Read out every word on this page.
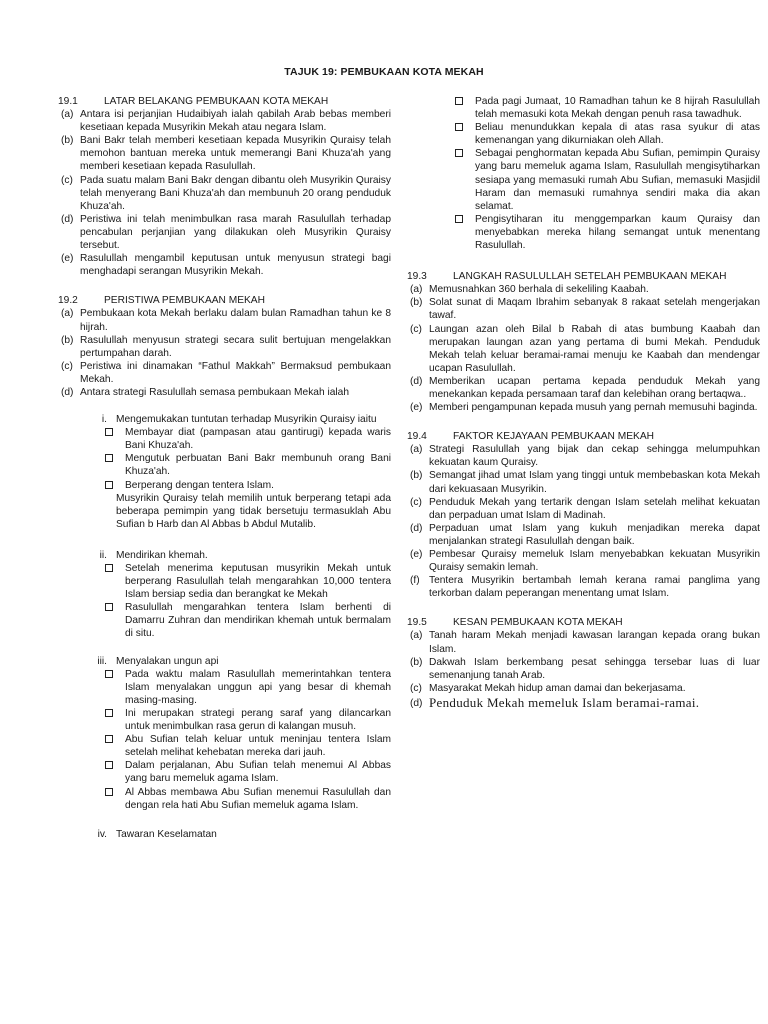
TAJUK 19: PEMBUKAAN KOTA MEKAH
19.1	LATAR BELAKANG PEMBUKAAN KOTA MEKAH
(a) Antara isi perjanjian Hudaibiyah ialah qabilah Arab bebas memberi kesetiaan kepada Musyrikin Mekah atau negara Islam.
(b) Bani Bakr telah memberi kesetiaan kepada Musyrikin Quraisy telah memohon bantuan mereka untuk memerangi Bani Khuza'ah yang memberi kesetiaan kepada Rasulullah.
(c) Pada suatu malam Bani Bakr dengan dibantu oleh Musyrikin Quraisy telah menyerang Bani Khuza'ah dan membunuh 20 orang penduduk Khuza'ah.
(d) Peristiwa ini telah menimbulkan rasa marah Rasulullah terhadap pencabulan perjanjian yang dilakukan oleh Musyrikin Quraisy tersebut.
(e) Rasulullah mengambil keputusan untuk menyusun strategi bagi menghadapi serangan Musyrikin Mekah.
19.2	PERISTIWA PEMBUKAAN MEKAH
(a) Pembukaan kota Mekah berlaku dalam bulan Ramadhan tahun ke 8 hijrah.
(b) Rasulullah menyusun strategi secara sulit bertujuan mengelakkan pertumpahan darah.
(c) Peristiwa ini dinamakan “Fathul Makkah” Bermaksud pembukaan Mekah.
(d) Antara strategi Rasulullah semasa pembukaan Mekah ialah
i. Mengemukakan tuntutan terhadap Musyrikin Quraisy iaitu
Membayar diat (pampasan atau gantirugi) kepada waris Bani Khuza'ah.
Mengutuk perbuatan Bani Bakr membunuh orang Bani Khuza'ah.
Berperang dengan tentera Islam.
Musyrikin Quraisy telah memilih untuk berperang tetapi ada beberapa pemimpin yang tidak bersetuju termasuklah Abu Sufian b Harb dan Al Abbas b Abdul Mutalib.
ii. Mendirikan khemah.
Setelah menerima keputusan musyrikin Mekah untuk berperang Rasulullah telah mengarahkan 10,000 tentera Islam bersiap sedia dan berangkat ke Mekah
Rasulullah mengarahkan tentera Islam berhenti di Damarru Zuhran dan mendirikan khemah untuk bermalam di situ.
iii. Menyalakan ungun api
Pada waktu malam Rasulullah memerintahkan tentera Islam menyalakan unggun api yang besar di khemah masing-masing.
Ini merupakan strategi perang saraf yang dilancarkan untuk menimbulkan rasa gerun di kalangan musuh.
Abu Sufian telah keluar untuk meninjau tentera Islam setelah melihat kehebatan mereka dari jauh.
Dalam perjalanan, Abu Sufian telah menemui Al Abbas yang baru memeluk agama Islam.
Al Abbas membawa Abu Sufian menemui Rasulullah dan dengan rela hati Abu Sufian memeluk agama Islam.
iv. Tawaran Keselamatan
Pada pagi Jumaat, 10 Ramadhan tahun ke 8 hijrah Rasulullah telah memasuki kota Mekah dengan penuh rasa tawadhuk.
Beliau menundukkan kepala di atas rasa syukur di atas kemenangan yang dikurniakan oleh Allah.
Sebagai penghormatan kepada Abu Sufian, pemimpin Quraisy yang baru memeluk agama Islam, Rasulullah mengisytiharkan sesiapa yang memasuki rumah Abu Sufian, memasuki Masjidil Haram dan memasuki rumahnya sendiri maka dia akan selamat.
Pengisytiharan itu menggemparkan kaum Quraisy dan menyebabkan mereka hilang semangat untuk menentang Rasulullah.
19.3	LANGKAH RASULULLAH SETELAH PEMBUKAAN MEKAH
(a) Memusnahkan 360 berhala di sekeliling Kaabah.
(b) Solat sunat di Maqam Ibrahim sebanyak 8 rakaat setelah mengerjakan tawaf.
(c) Laungan azan oleh Bilal b Rabah di atas bumbung Kaabah dan merupakan laungan azan yang pertama di bumi Mekah. Penduduk Mekah telah keluar beramai-ramai menuju ke Kaabah dan mendengar ucapan Rasulullah.
(d) Memberikan ucapan pertama kepada penduduk Mekah yang menekankan kepada persamaan taraf dan kelebihan orang bertaqwa..
(e) Memberi pengampunan kepada musuh yang pernah memusuhi baginda.
19.4	FAKTOR KEJAYAAN PEMBUKAAN MEKAH
(a) Strategi Rasulullah yang bijak dan cekap sehingga melumpuhkan kekuatan kaum Quraisy.
(b) Semangat jihad umat Islam yang tinggi untuk membebaskan kota Mekah dari kekuasaan Musyrikin.
(c) Penduduk Mekah yang tertarik dengan Islam setelah melihat kekuatan dan perpaduan umat Islam di Madinah.
(d) Perpaduan umat Islam yang kukuh menjadikan mereka dapat menjalankan strategi Rasulullah dengan baik.
(e) Pembesar Quraisy memeluk Islam menyebabkan kekuatan Musyrikin Quraisy semakin lemah.
(f) Tentera Musyrikin bertambah lemah kerana ramai panglima yang terkorban dalam peperangan menentang umat Islam.
19.5	KESAN PEMBUKAAN KOTA MEKAH
(a) Tanah haram Mekah menjadi kawasan larangan kepada orang bukan Islam.
(b) Dakwah Islam berkembang pesat sehingga tersebar luas di luar semenanjung tanah Arab.
(c) Masyarakat Mekah hidup aman damai dan bekerjasama.
(d) Penduduk Mekah memeluk Islam beramai-ramai.
